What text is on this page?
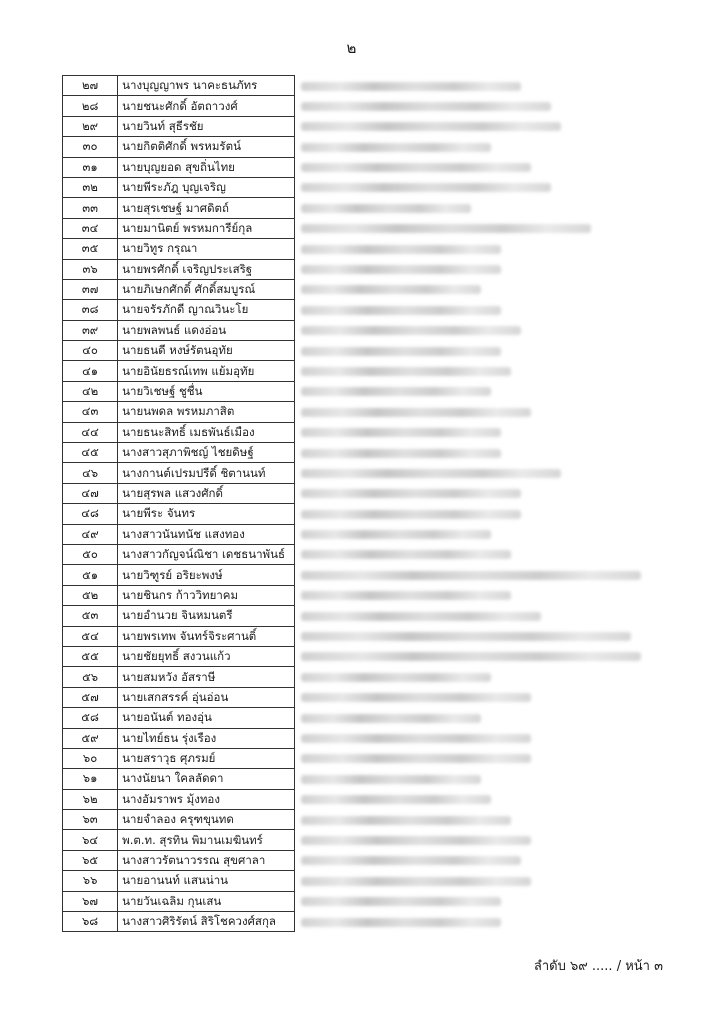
๒
๒๗	นางบุญญาพร นาคะธนภัทร	

๒๘	นายชนะศักดิ์ อัตถาวงศ์	

๒๙	นายวินท์ สุธีรชัย	

๓๐	นายกิตติศักดิ์ พรหมรัตน์	

๓๑	นายบุญยอด สุขถิ่นไทย	

๓๒	นายพีระภัฎ บุญเจริญ	

๓๓	นายสุรเชษฐ์ มาศดิตถ์	

๓๔	นายมานิตย์ พรหมการีย์กุล	

๓๕	นายวิทูร กรุณา	

๓๖	นายพรศักดิ์ เจริญประเสริฐ	

๓๗	นายภิเษกศักดิ์ ศักดิ์สมบูรณ์	

๓๘	นายจรัรภักดี ญาณวินะโย	

๓๙	นายพลพนธ์ แดงอ่อน	

๔๐	นายธนดี หงษ์รัตนอุทัย	

๔๑	นายอินัยธรณ์เทพ แย้มอุทัย	

๔๒	นายวิเชษฐ์ ชูชื่น	

๔๓	นายนพดล พรหมภาสิต	

๔๔	นายธนะสิทธิ์ เมธพันธ์เมือง	

๔๕	นางสาวสุภาพิชญ์ ไชยดิษฐ์	

๔๖	นางกานต์เปรมปรีดิ์ ชิตานนท์	

๔๗	นายสุรพล แสวงศักดิ์	

๔๘	นายพีระ จันทร	

๔๙	นางสาวนันทนัช แสงทอง	

๕๐	นางสาวกัญจน์ณิชา เดชธนาพันธ์	

๕๑	นายวิฑูรย์ อริยะพงษ์	

๕๒	นายชินกร ก้าววิทยาคม	

๕๓	นายอำนวย จินหมนตรี	

๕๔	นายพรเทพ จันทร์จิระศานติ์	

๕๕	นายชัยยุทธิ์ สงวนแก้ว	

๕๖	นายสมหวัง อัสราษี	

๕๗	นายเสกสรรค์ อุ่นอ่อน	

๕๘	นายอนันต์ ทองอุ่น	

๕๙	นายไทย์ธน รุ่งเรือง	

๖๐	นายสราวุธ ศุภรมย์	

๖๑	นางนัยนา ใคลลัดดา	

๖๒	นางอัมราพร มุ้งทอง	

๖๓	นายจำลอง ครุฑขุนทด	

๖๔	พ.ต.ท. สุรทิน พิมานเมฆินทร์	

๖๕	นางสาวรัตนาวรรณ สุขศาลา	

๖๖	นายอานนท์ แสนน่าน	

๖๗	นายวันเฉลิม กุนเสน	

๖๘	นางสาวศิริรัตน์ สิริโชควงศ์สกุล	
ลำดับ ๖๙ ..... / หน้า ๓
